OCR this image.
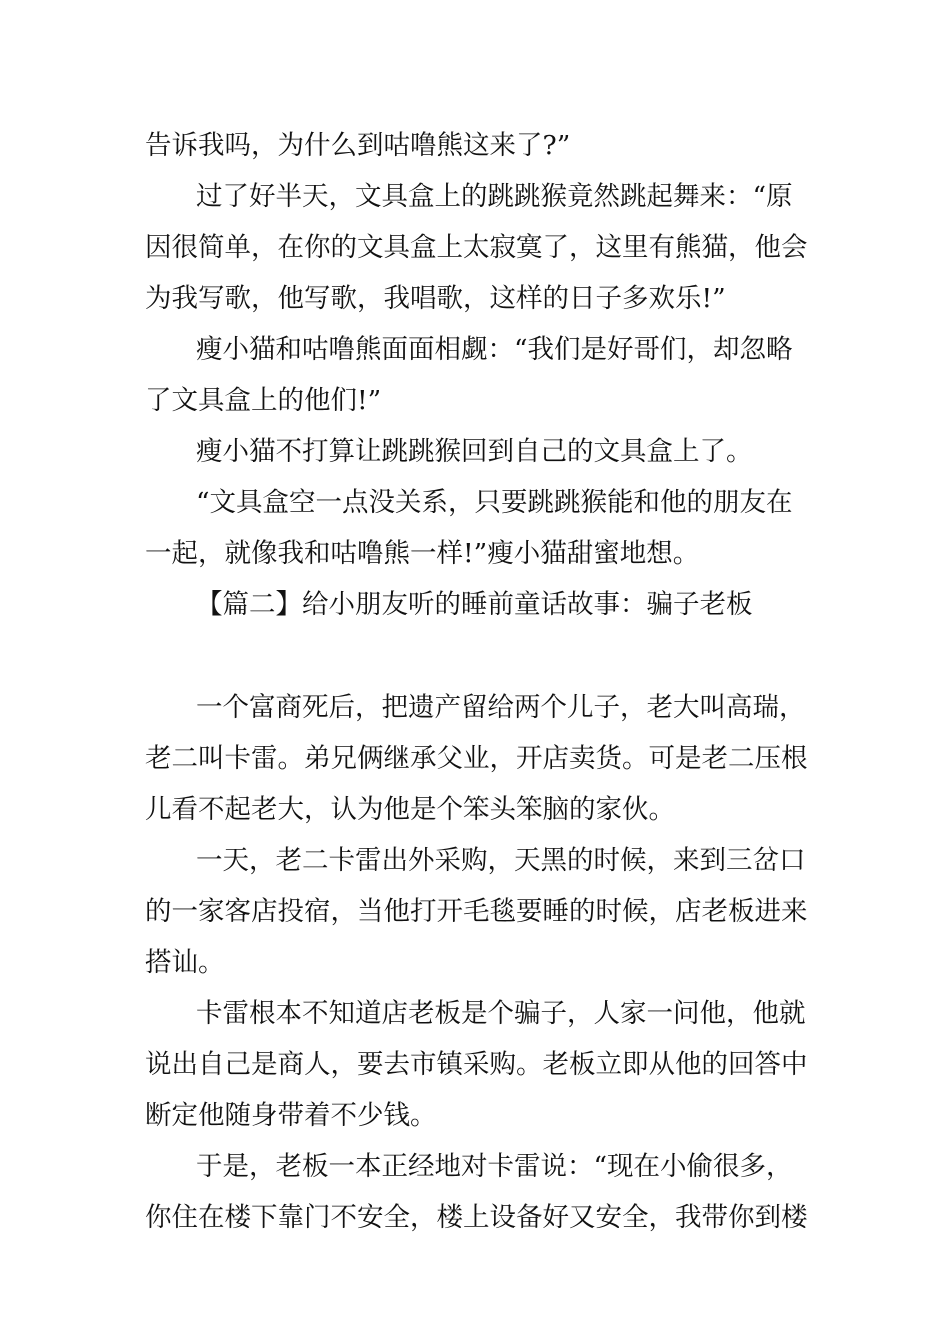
告诉我吗，为什么到咕噜熊这来了?”
过了好半天，文具盒上的跳跳猴竟然跳起舞来：“原
因很简单，在你的文具盒上太寂寞了，这里有熊猫，他会
为我写歌，他写歌，我唱歌，这样的日子多欢乐!”
瘦小猫和咕噜熊面面相觑：“我们是好哥们，却忽略
了文具盒上的他们!”
瘦小猫不打算让跳跳猴回到自己的文具盒上了。
“文具盒空一点没关系，只要跳跳猴能和他的朋友在
一起，就像我和咕噜熊一样!”瘦小猫甜蜜地想。
【篇二】给小朋友听的睡前童话故事：骗子老板
一个富商死后，把遗产留给两个儿子，老大叫高瑞，
老二叫卡雷。弟兄俩继承父业，开店卖货。可是老二压根
儿看不起老大，认为他是个笨头笨脑的家伙。
一天，老二卡雷出外采购，天黑的时候，来到三岔口
的一家客店投宿，当他打开毛毯要睡的时候，店老板进来
搭讪。
卡雷根本不知道店老板是个骗子，人家一问他，他就
说出自己是商人，要去市镇采购。老板立即从他的回答中
断定他随身带着不少钱。
于是，老板一本正经地对卡雷说：“现在小偷很多，
你住在楼下靠门不安全，楼上设备好又安全，我带你到楼
